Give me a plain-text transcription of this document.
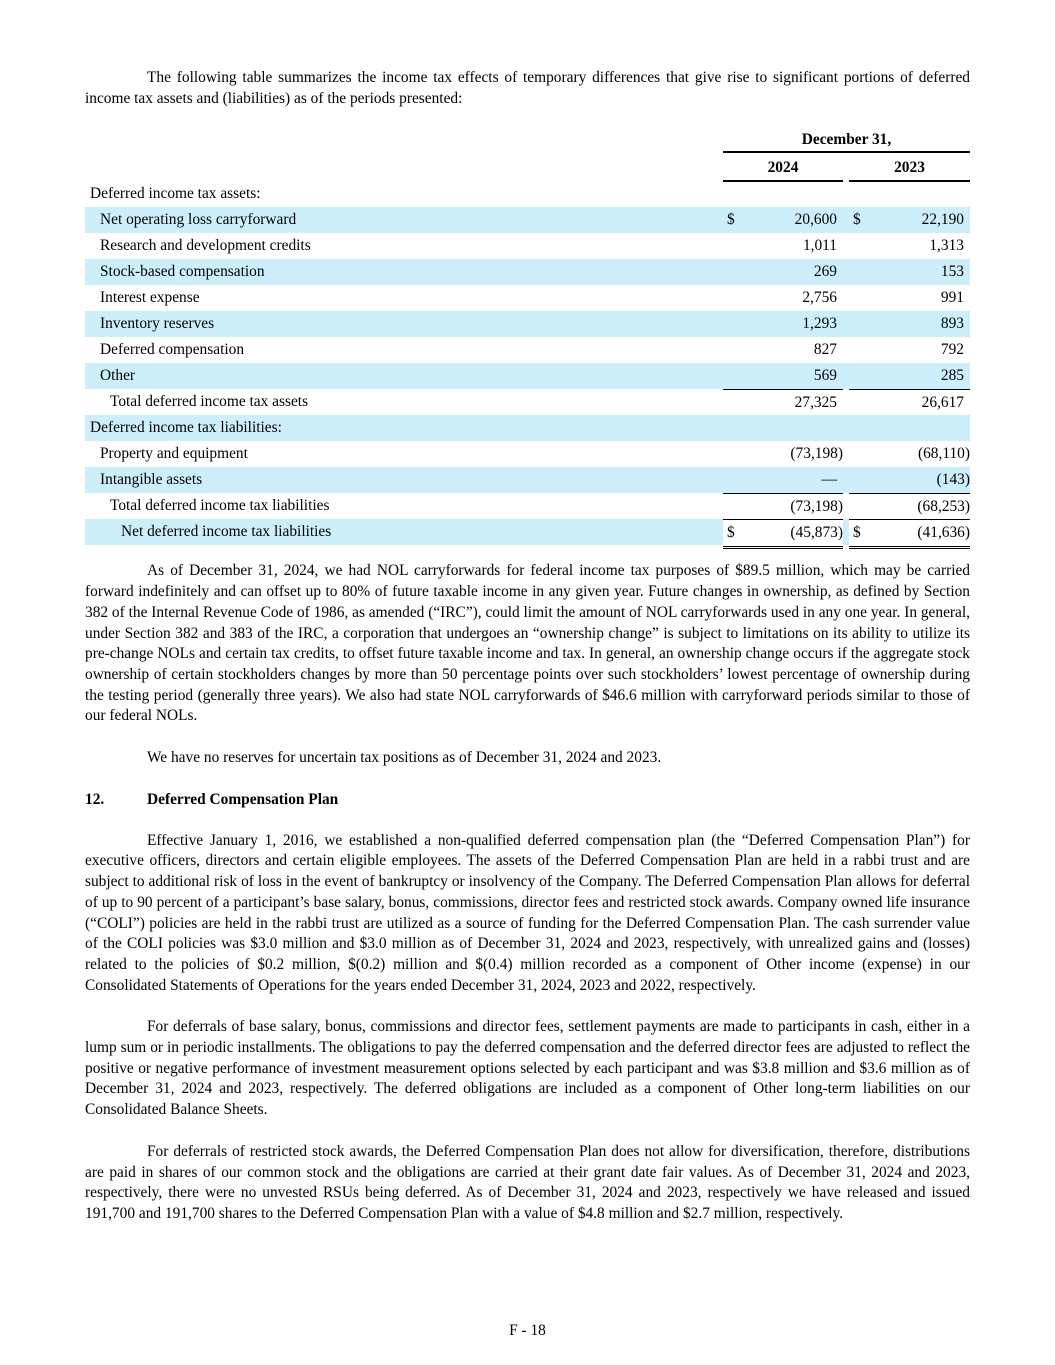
The following table summarizes the income tax effects of temporary differences that give rise to significant portions of deferred income tax assets and (liabilities) as of the periods presented:

December 31,
2024	2023
Deferred income tax assets:
Net operating loss carryforward	$	20,600 $	22,190
Research and development credits	1,011	1,313
Stock-based compensation	269	153
Interest expense	2,756	991
Inventory reserves	1,293	893
Deferred compensation	827	792
Other	569	285
Total deferred income tax assets	27,325	26,617
Deferred income tax liabilities:
Property and equipment	(73,198)	(68,110)
Intangible assets	—	(143)
Total deferred income tax liabilities	(73,198)	(68,253)
Net deferred income tax liabilities	$	(45,873) $	(41,636)

As of December 31, 2024, we had NOL carryforwards for federal income tax purposes of $89.5 million, which may be carried forward indefinitely and can offset up to 80% of future taxable income in any given year. Future changes in ownership, as defined by Section 382 of the Internal Revenue Code of 1986, as amended (“IRC”), could limit the amount of NOL carryforwards used in any one year. In general, under Section 382 and 383 of the IRC, a corporation that undergoes an “ownership change” is subject to limitations on its ability to utilize its pre-change NOLs and certain tax credits, to offset future taxable income and tax. In general, an ownership change occurs if the aggregate stock ownership of certain stockholders changes by more than 50 percentage points over such stockholders’ lowest percentage of ownership during the testing period (generally three years). We also had state NOL carryforwards of $46.6 million with carryforward periods similar to those of our federal NOLs.

We have no reserves for uncertain tax positions as of December 31, 2024 and 2023.

12.	Deferred Compensation Plan

Effective January 1, 2016, we established a non-qualified deferred compensation plan (the “Deferred Compensation Plan”) for executive officers, directors and certain eligible employees. The assets of the Deferred Compensation Plan are held in a rabbi trust and are subject to additional risk of loss in the event of bankruptcy or insolvency of the Company. The Deferred Compensation Plan allows for deferral of up to 90 percent of a participant’s base salary, bonus, commissions, director fees and restricted stock awards. Company owned life insurance (“COLI”) policies are held in the rabbi trust are utilized as a source of funding for the Deferred Compensation Plan. The cash surrender value of the COLI policies was $3.0 million and $3.0 million as of December 31, 2024 and 2023, respectively, with unrealized gains and (losses) related to the policies of $0.2 million, $(0.2) million and $(0.4) million recorded as a component of Other income (expense) in our Consolidated Statements of Operations for the years ended December 31, 2024, 2023 and 2022, respectively.

For deferrals of base salary, bonus, commissions and director fees, settlement payments are made to participants in cash, either in a lump sum or in periodic installments. The obligations to pay the deferred compensation and the deferred director fees are adjusted to reflect the positive or negative performance of investment measurement options selected by each participant and was $3.8 million and $3.6 million as of December 31, 2024 and 2023, respectively. The deferred obligations are included as a component of Other long-term liabilities on our Consolidated Balance Sheets.

For deferrals of restricted stock awards, the Deferred Compensation Plan does not allow for diversification, therefore, distributions are paid in shares of our common stock and the obligations are carried at their grant date fair values. As of December 31, 2024 and 2023, respectively, there were no unvested RSUs being deferred. As of December 31, 2024 and 2023, respectively we have released and issued 191,700 and 191,700 shares to the Deferred Compensation Plan with a value of $4.8 million and $2.7 million, respectively.

F - 18
